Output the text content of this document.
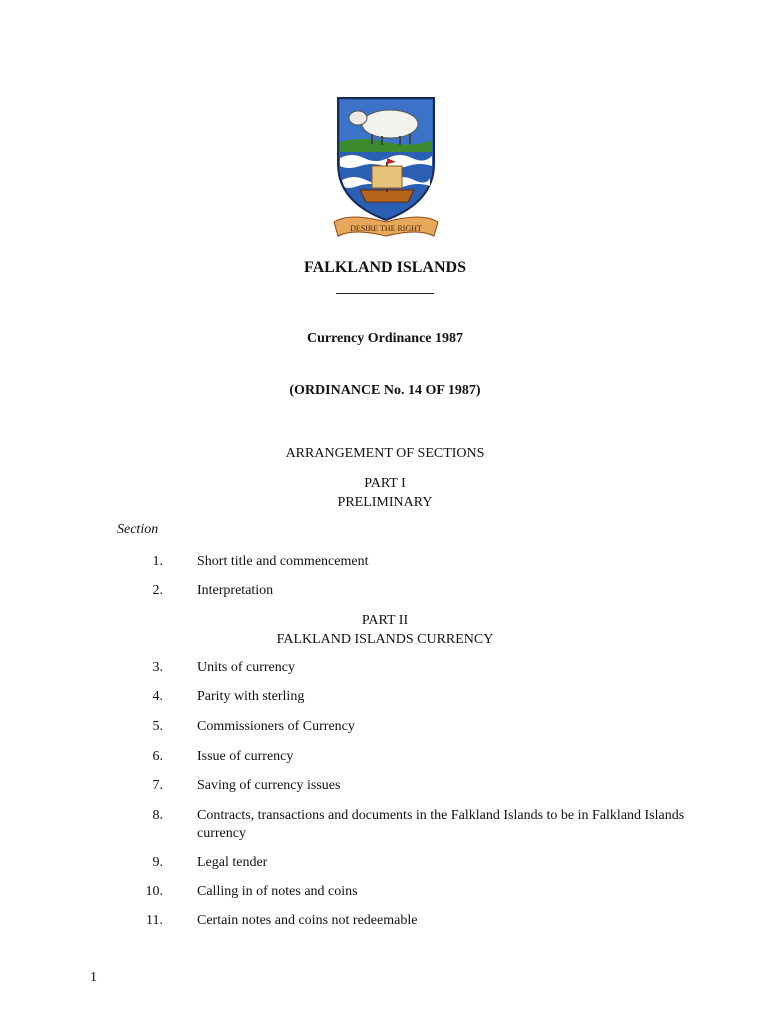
DESIRE THE RIGHT
FALKLAND ISLANDS
Currency Ordinance 1987
(ORDINANCE No. 14 OF 1987)
ARRANGEMENT OF SECTIONS
PART I
PRELIMINARY
Section
1. Short title and commencement
2. Interpretation
PART II
FALKLAND ISLANDS CURRENCY
3. Units of currency
4. Parity with sterling
5. Commissioners of Currency
6. Issue of currency
7. Saving of currency issues
8. Contracts, transactions and documents in the Falkland Islands to be in Falkland Islands currency
9. Legal tender
10. Calling in of notes and coins
11. Certain notes and coins not redeemable
1
